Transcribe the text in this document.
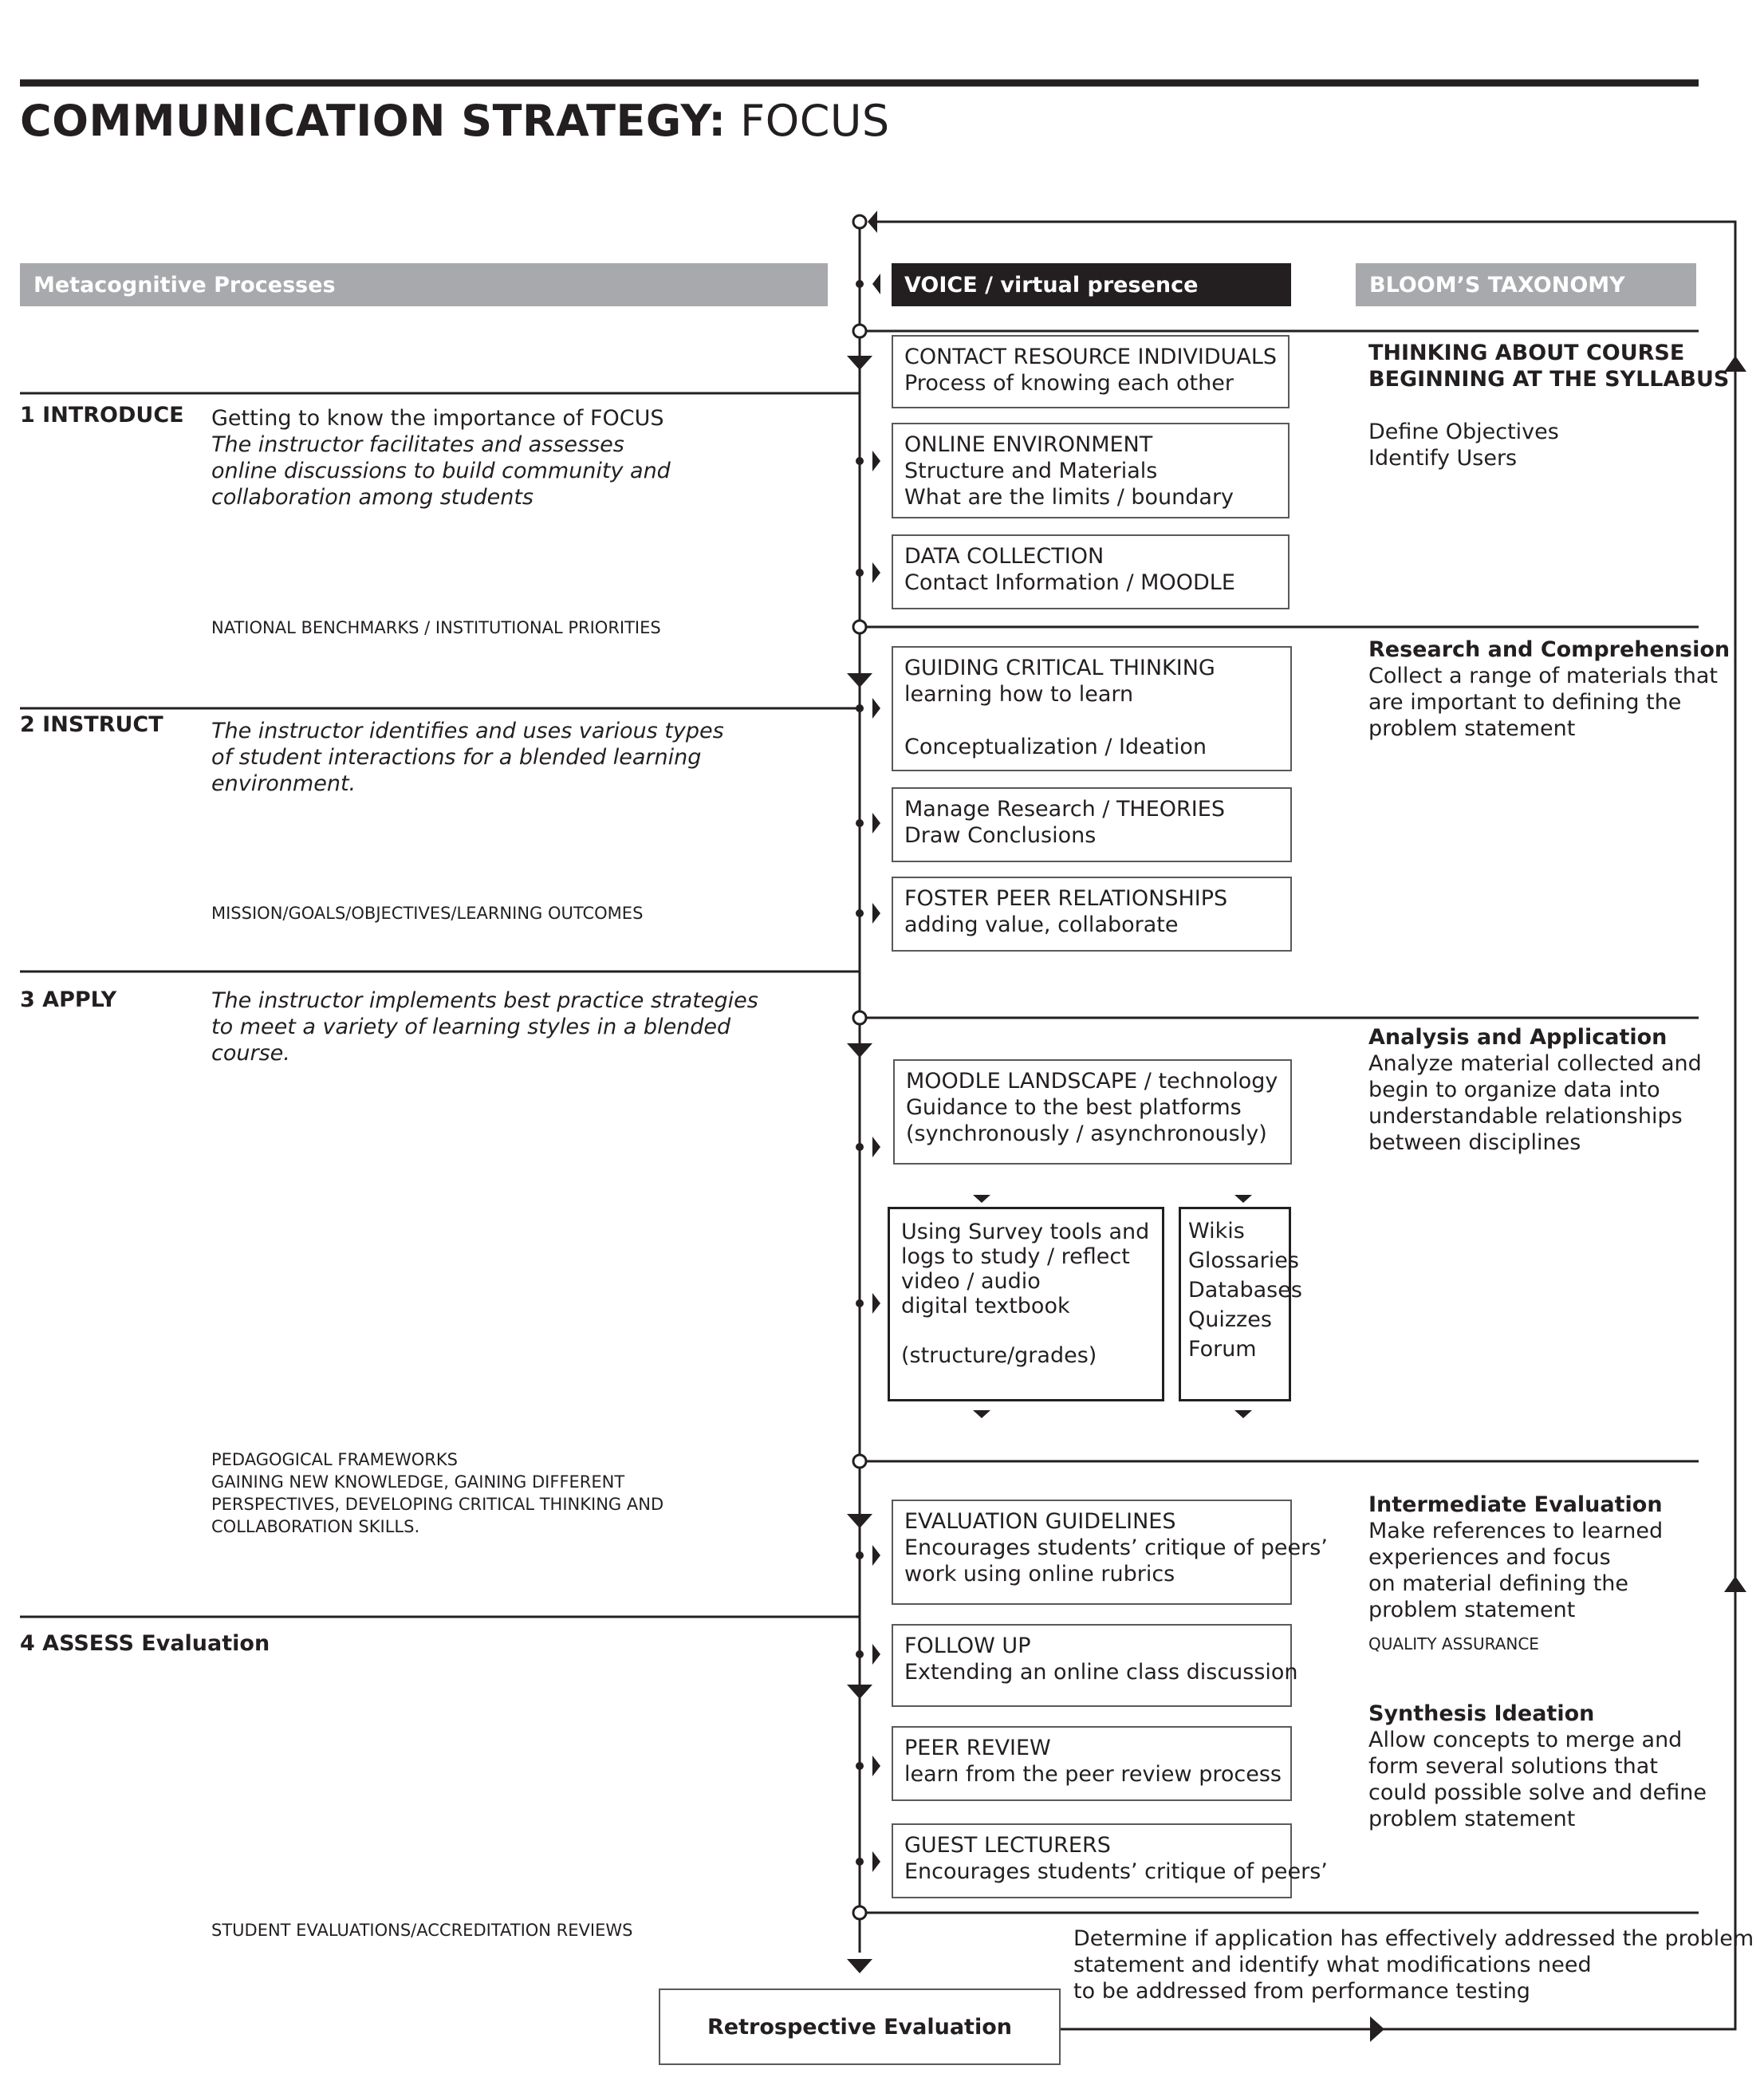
COMMUNICATION STRATEGY: FOCUS
Metacognitive Processes	VOICE / virtual presence	BLOOM’S TAXONOMY
1 INTRODUCE Getting to know the importance of FOCUS
The instructor facilitates and assesses
online discussions to build community and
collaboration among students
NATIONAL BENCHMARKS / INSTITUTIONAL PRIORITIES
2 INSTRUCT The instructor identifies and uses various types
of student interactions for a blended learning
environment.
MISSION/GOALS/OBJECTIVES/LEARNING OUTCOMES
3 APPLY	The instructor implements best practice strategies
to meet a variety of learning styles in a blended
course.
PEDAGOGICAL FRAMEWORKS
GAINING NEW KNOWLEDGE, GAINING DIFFERENT
PERSPECTIVES, DEVELOPING CRITICAL THINKING AND
COLLABORATION SKILLS.
4 ASSESS Evaluation
STUDENT EVALUATIONS/ACCREDITATION REVIEWS
CONTACT RESOURCE INDIVIDUALS
Process of knowing each other
ONLINE ENVIRONMENT
Structure and Materials
What are the limits / boundary
DATA COLLECTION
Contact Information / MOODLE
GUIDING CRITICAL THINKING
learning how to learn
Conceptualization / Ideation
Manage Research / THEORIES
Draw Conclusions
FOSTER PEER RELATIONSHIPS
adding value, collaborate
MOODLE LANDSCAPE / technology
Guidance to the best platforms
(synchronously / asynchronously)
Using Survey tools and
logs to study / reflect
video / audio
digital textbook
(structure/grades)
Wikis
Glossaries
Databases
Quizzes
Forum
EVALUATION GUIDELINES
Encourages students’ critique of peers’
work using online rubrics
FOLLOW UP
Extending an online class discussion
PEER REVIEW
learn from the peer review process
GUEST LECTURERS
Encourages students’ critique of peers’
THINKING ABOUT COURSE
BEGINNING AT THE SYLLABUS
Define Objectives
Identify Users
Research and Comprehension
Collect a range of materials that
are important to defining the
problem statement
Analysis and Application
Analyze material collected and
begin to organize data into
understandable relationships
between disciplines
Intermediate Evaluation
Make references to learned
experiences and focus
on material defining the
problem statement
QUALITY ASSURANCE
Synthesis Ideation
Allow concepts to merge and
form several solutions that
could possible solve and define
problem statement
Retrospective Evaluation
Determine if application has effectively addressed the problem
statement and identify what modifications need
to be addressed from performance testing
